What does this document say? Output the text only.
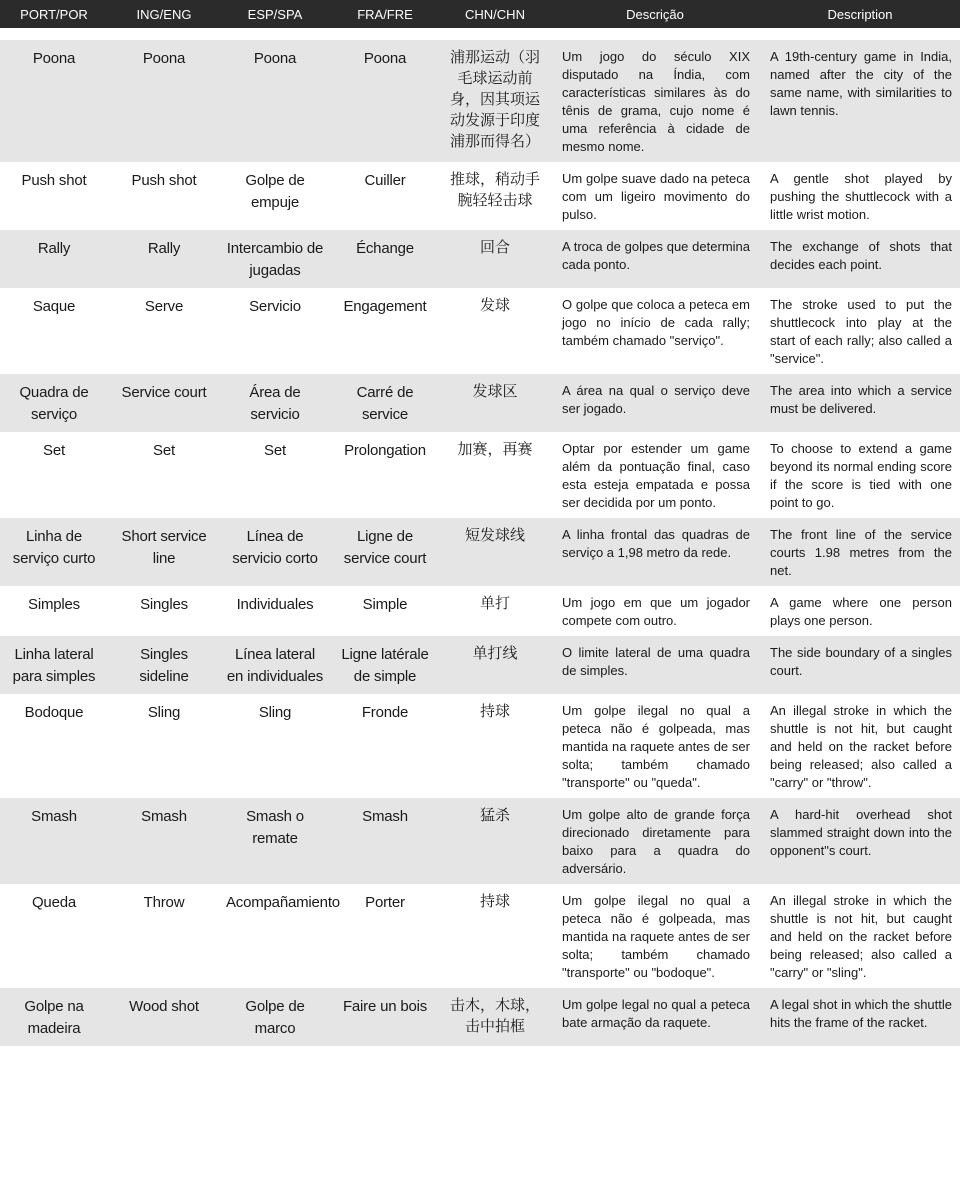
PORT/POR	ING/ENG	ESP/SPA	FRA/FRE	CHN/CHN	Descrição	Description

Poona	Poona	Poona	Poona	浦那运动（羽毛球运动前身，因其项运动发源于印度浦那而得名）	Um jogo do século XIX disputado na Índia, com características similares às do tênis de grama, cujo nome é uma referência à cidade de mesmo nome.	A 19th-century game in India, named after the city of the same name, with similarities to lawn tennis.
Push shot	Push shot	Golpe de empuje	Cuiller	推球，稍动手腕轻轻击球	Um golpe suave dado na peteca com um ligeiro movimento do pulso.	A gentle shot played by pushing the shuttlecock with a little wrist motion.
Rally	Rally	Intercambio de jugadas	Échange	回合	A troca de golpes que determina cada ponto.	The exchange of shots that decides each point.
Saque	Serve	Servicio	Engagement	发球	O golpe que coloca a peteca em jogo no início de cada rally; também chamado "serviço".	The stroke used to put the shuttlecock into play at the start of each rally; also called a "service".
Quadra de serviço	Service court	Área de servicio	Carré de service	发球区	A área na qual o serviço deve ser jogado.	The area into which a service must be delivered.
Set	Set	Set	Prolongation	加赛，再赛	Optar por estender um game além da pontuação final, caso esta esteja empatada e possa ser decidida por um ponto.	To choose to extend a game beyond its normal ending score if the score is tied with one point to go.
Linha de serviço curto	Short service line	Línea de servicio corto	Ligne de service court	短发球线	A linha frontal das quadras de serviço a 1,98 metro da rede.	The front line of the service courts 1.98 metres from the net.
Simples	Singles	Individuales	Simple	单打	Um jogo em que um jogador compete com outro.	A game where one person plays one person.
Linha lateral para simples	Singles sideline	Línea lateral en individuales	Ligne latérale de simple	单打线	O limite lateral de uma quadra de simples.	The side boundary of a singles court.
Bodoque	Sling	Sling	Fronde	持球	Um golpe ilegal no qual a peteca não é golpeada, mas mantida na raquete antes de ser solta; também chamado "transporte" ou "queda".	An illegal stroke in which the shuttle is not hit, but caught and held on the racket before being released; also called a "carry" or "throw".
Smash	Smash	Smash o remate	Smash	猛杀	Um golpe alto de grande força direcionado diretamente para baixo para a quadra do adversário.	A hard-hit overhead shot slammed straight down into the opponent"s court.
Queda	Throw	Acompañamiento	Porter	持球	Um golpe ilegal no qual a peteca não é golpeada, mas mantida na raquete antes de ser solta; também chamado "transporte" ou "bodoque".	An illegal stroke in which the shuttle is not hit, but caught and held on the racket before being released; also called a "carry" or "sling".
Golpe na madeira	Wood shot	Golpe de marco	Faire un bois	击木，木球，击中拍框	Um golpe legal no qual a peteca bate armação da raquete.	A legal shot in which the shuttle hits the frame of the racket.
